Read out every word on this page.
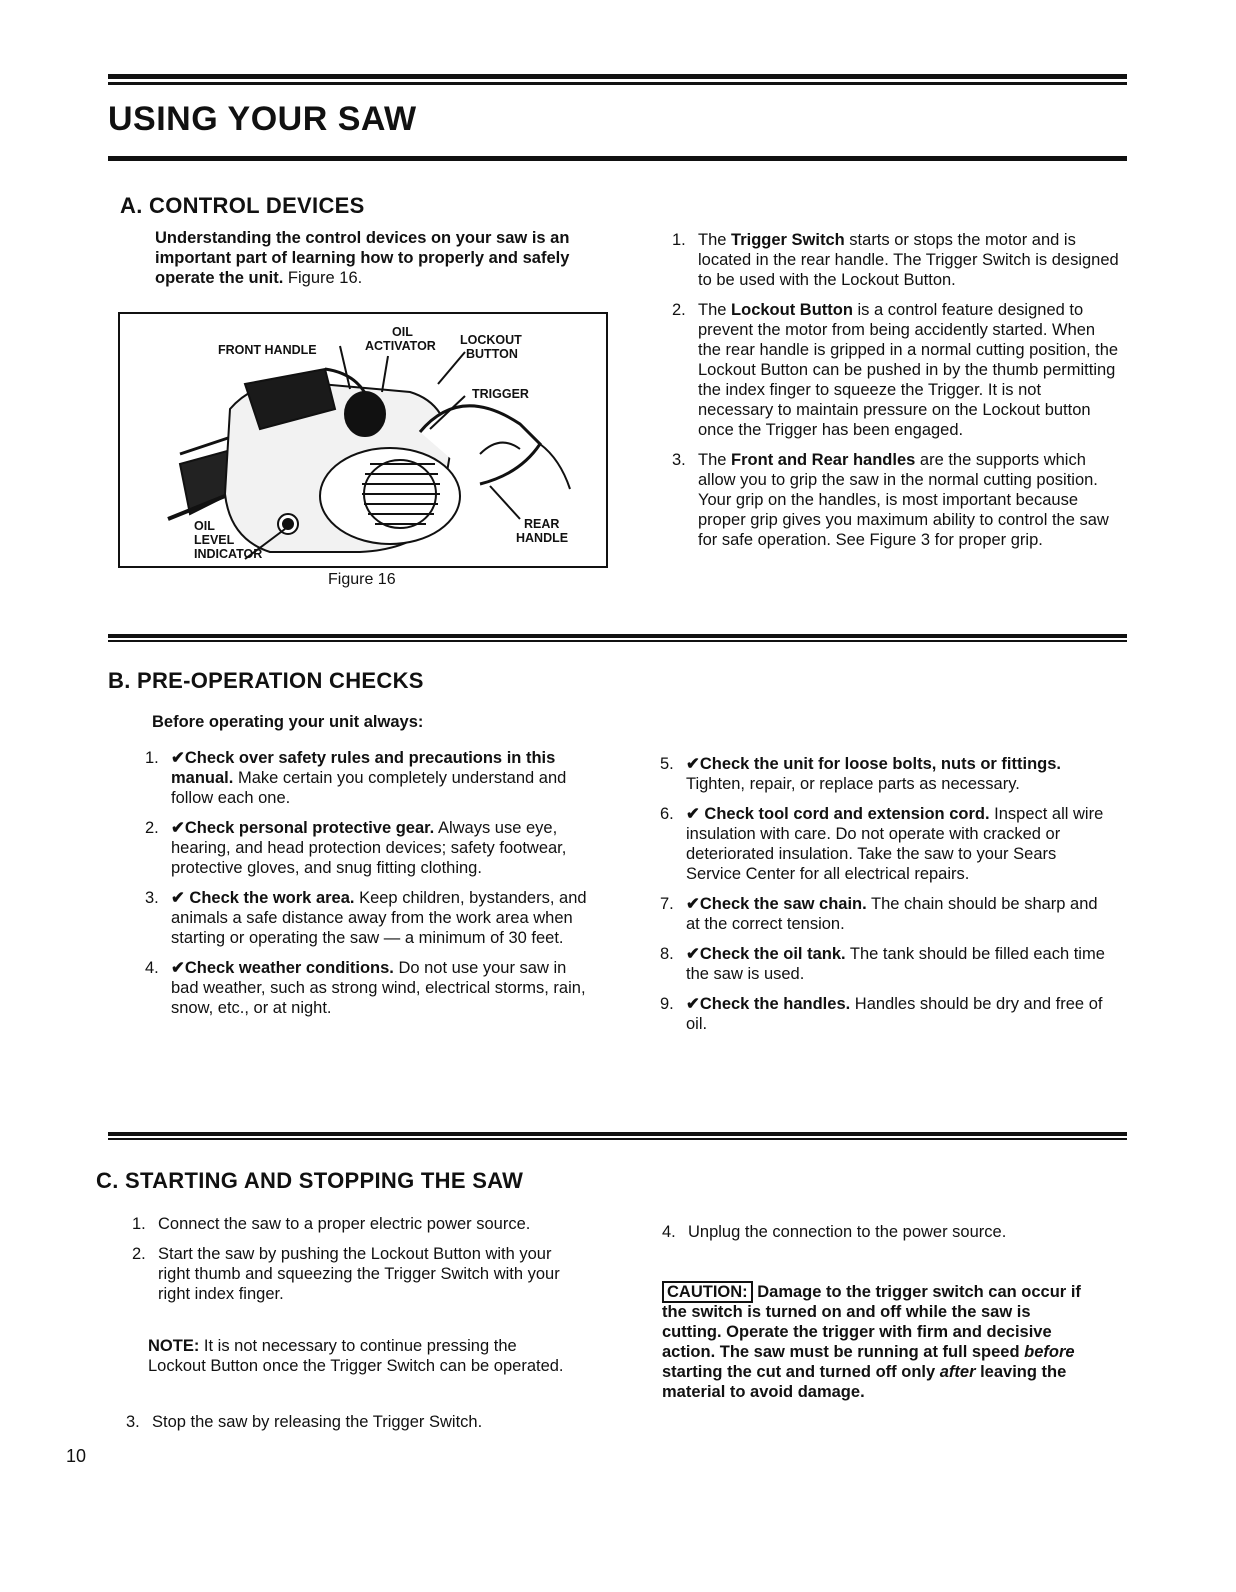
USING YOUR SAW
A. CONTROL DEVICES

Understanding the control devices on your saw is an important part of learning how to properly and safely operate the unit. Figure 16.

FRONT HANDLE
OIL
ACTIVATOR LOCKOUT
BUTTON
TRIGGER
OIL
LEVEL
INDICATOR
REAR
HANDLE
Figure 16
1. The Trigger Switch starts or stops the motor and is located in the rear handle. The Trigger Switch is designed to be used with the Lockout Button.
2. The Lockout Button is a control feature designed to prevent the motor from being accidently started. When the rear handle is gripped in a normal cutting position, the Lockout Button can be pushed in by the thumb permitting the index finger to squeeze the Trigger. It is not necessary to maintain pressure on the Lockout button once the Trigger has been engaged.
3. The Front and Rear handles are the supports which allow you to grip the saw in the normal cutting position. Your grip on the handles, is most important because proper grip gives you maximum ability to control the saw for safe operation. See Figure 3 for proper grip.
B. PRE-OPERATION CHECKS

Before operating your unit always:

1. ✔Check over safety rules and precautions in this manual. Make certain you completely understand and follow each one.
2. ✔Check personal protective gear. Always use eye, hearing, and head protection devices; safety footwear, protective gloves, and snug fitting clothing.
3. ✔ Check the work area. Keep children, bystanders, and animals a safe distance away from the work area when starting or operating the saw — a minimum of 30 feet.
4. ✔Check weather conditions. Do not use your saw in bad weather, such as strong wind, electrical storms, rain, snow, etc., or at night.
5. ✔Check the unit for loose bolts, nuts or fittings. Tighten, repair, or replace parts as necessary.
6. ✔ Check tool cord and extension cord. Inspect all wire insulation with care. Do not operate with cracked or deteriorated insulation. Take the saw to your Sears Service Center for all electrical repairs.
7. ✔Check the saw chain. The chain should be sharp and at the correct tension.
8. ✔Check the oil tank. The tank should be filled each time the saw is used.
9. ✔Check the handles. Handles should be dry and free of oil.
C. STARTING AND STOPPING THE SAW
1. Connect the saw to a proper electric power source.
2. Start the saw by pushing the Lockout Button with your right thumb and squeezing the Trigger Switch with your right index finger.

NOTE: It is not necessary to continue pressing the Lockout Button once the Trigger Switch can be operated.

3. Stop the saw by releasing the Trigger Switch.
4. Unplug the connection to the power source.

CAUTION: Damage to the trigger switch can occur if the switch is turned on and off while the saw is cutting. Operate the trigger with firm and decisive action. The saw must be running at full speed before starting the cut and turned off only after leaving the material to avoid damage.

10
